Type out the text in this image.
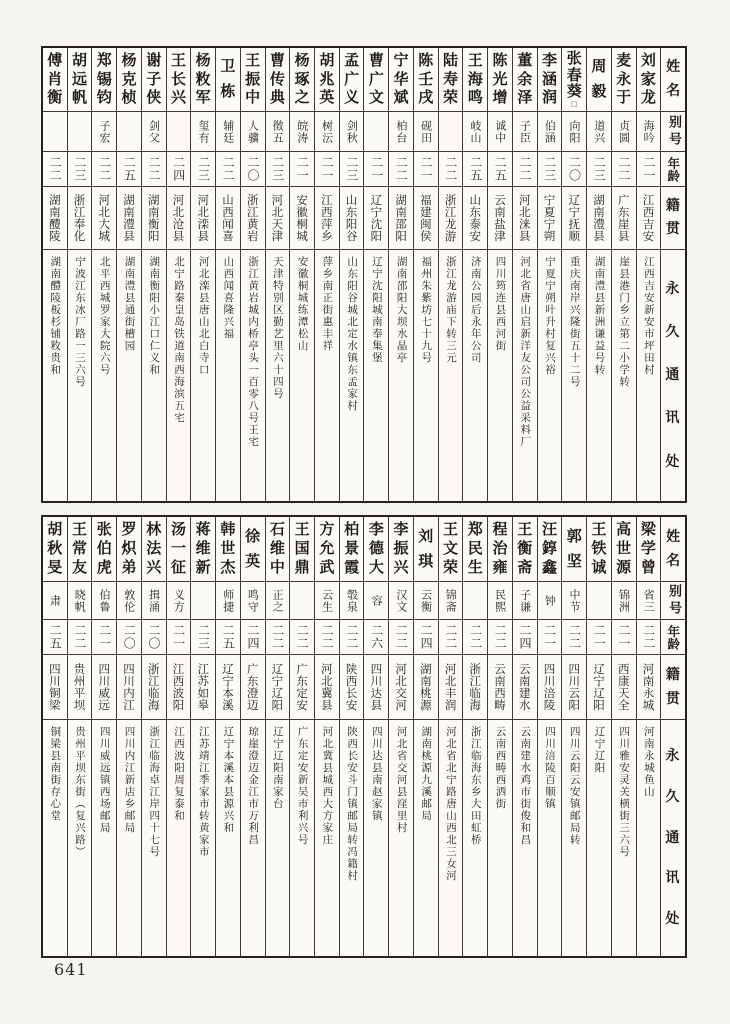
姓
名
别号
年龄
籍
贯
永
久
通
讯
处
刘
家
龙
海吟
二一
江西吉安
江西吉安新安市坪田村
麦
永
于
贞圆
二二
广东崖县
崖县港门乡立第二小学转
周
毅
道兴
二三
湖南澧县
湖南澧县新洲谦益号转
张
春
葵
□
向阳
二〇
辽宁抚顺
重庆南岸兴隆街五十二号
李
涵
润
伯涵
二三
宁夏宁朔
宁夏宁朔叶升村复兴裕
董
余
泽
子臣
二二
河北涞县
河北省唐山启新洋友公司公益采料厂
陈
光
增
诚中
二五
云南盐津
四川筠连县西河街
王
海
鸣
岐山
二五
山东泰安
济南公园后永年公司
陆
寿
荣
二二
浙江龙游
浙江龙游庙下转三元
陈
壬
戌
砚田
二一
福建闽侯
福州朱紫坊七十九号
宁
华
斌
柏台
二二
湖南邵阳
湖南邵阳大坝水晶亭
曹
广
文
二一
辽宁沈阳
辽宁沈阳城南奉集堡
孟
广
义
剑秋
二三
山东阳谷
山东阳谷城北定水镇东孟家村
胡
兆
英
树沄
二一
江西萍乡
萍乡南正街惠丰祥
杨
琢
之
皖涛
二一
安徽桐城
安徽桐城练潭松山
曹
传
典
徵五
二三
河北天津
天津特别区勤艺里六十四号
王
振
中
人骥
二〇
浙江黄岩
浙江黄岩城内桥亭头一百零八号王宅
卫
栋
辅廷
二二
山西闻喜
山西闻喜隆兴福
杨
敉
军
玺有
二三
河北滦县
河北滦县唐山北白寺口
王
长
兴
二四
河北沧县
北宁路秦皇岛铁道南西海滨五宅
谢
子
侠
剑父
二二
湖南衡阳
湖南衡阳小江口仁义和
杨
克
桢
二五
湖南澧县
湖南澧县通街槽园
郑
锡
钧
子宏
二二
河北大城
北平西城罗家大院六号
胡
远
帆
二三
浙江奉化
宁波江东冰厂路一三六号
傅
肖
衡
二二
湖南醴陵
湖南醴陵板杉铺敉贵和
姓
名
别号
年龄
籍
贯
永
久
通
讯
处
梁
学
曾
省三
二二
河南永城
河南永城鱼山
高
世
源
锦洲
二一
西康天全
四川雅安灵关横街三六号
王
铁
诚
二一
辽宁辽阳
辽宁辽阳
郭
坚
中节
二二
四川云阳
四川云阳云安镇邮局转
汪
錞
鑫
钟
二一
四川涪陵
四川涪陵百顺镇
王
衡
斋
子谦
二四
云南建水
云南建水鸡市街俊和昌
程
治
雍
民熙
二二
云南西畴
云南西畴西洒街
郑
民
生
二二
浙江临海
浙江临海东乡大田虹桥
王
文
荣
锦斋
二二
河北丰润
河北省北宁路唐山西北三女河
刘
琪
云衡
二四
湖南桃源
湖南桃源九溪邮局
李
振
兴
汉文
二二
河北交河
河北省交河县窪里村
李
德
大
容
二六
四川达县
四川达县南赵家镇
柏
景
霞
彀泉
二二
陕西长安
陕西长安斗门镇邮局转冯籍村
方
允
武
云生
二二
河北冀县
河北冀县城西大方家庄
王
国
鼎
二二
广东定安
广东定安新吴市利兴号
石
维
中
正之
二二
辽宁辽阳
辽宁辽阳南家台
徐
英
鸣守
二四
广东澄迈
琼崖澄迈金江市万利昌
韩
世
杰
师捷
二五
辽宁本溪
辽宁本溪本县源兴和
蒋
维
新
二三
江苏如皋
江苏靖江季家市转黄家市
汤
一
征
义方
二一
江西波阳
江西波阳周复泰和
林
法
兴
揖涌
二〇
浙江临海
浙江临海卓江岸四十七号
罗
炽
弟
敦伦
二〇
四川内江
四川内江新店乡邮局
张
伯
虎
伯鲁
二一
四川威远
四川威远镇西场邮局
王
常
友
晓帆
二二
贵州平坝
贵州平坝东街（复兴路）
胡
秋
旻
肃
二五
四川铜梁
铜梁县南街存心堂
641
